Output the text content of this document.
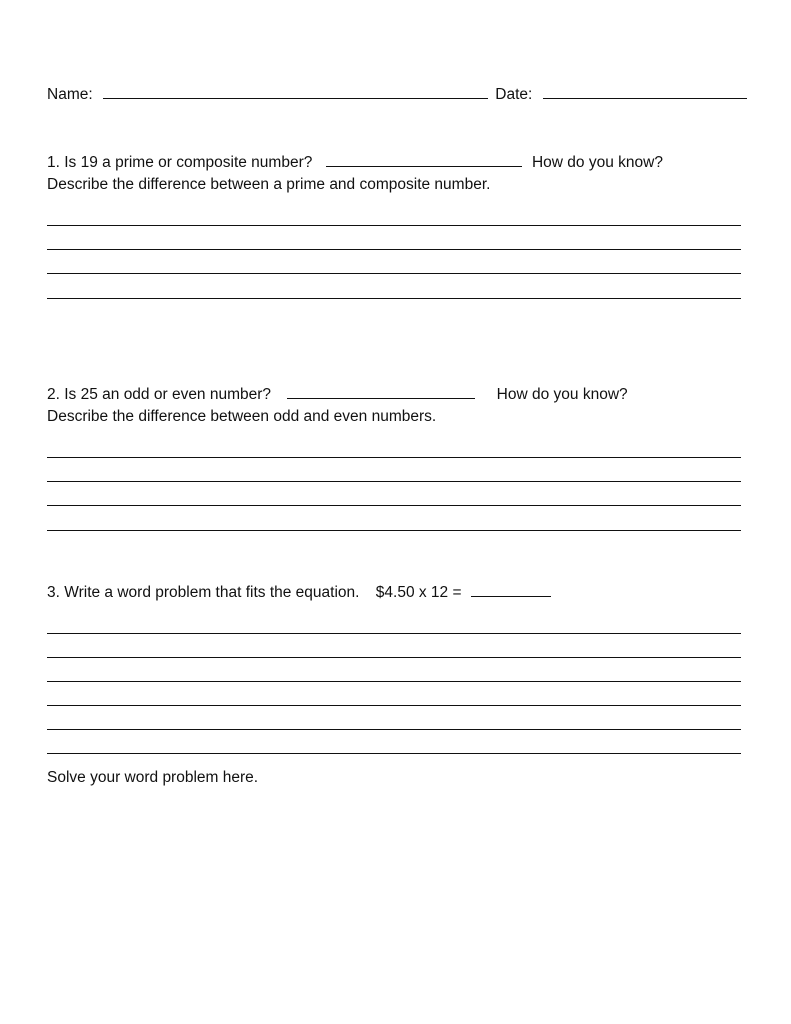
Name:	Date:
1. Is 19 a prime or composite number?	How do you know?
Describe the difference between a prime and composite number.
2. Is 25 an odd or even number?	How do you know?
Describe the difference between odd and even numbers.
3. Write a word problem that fits the equation. $4.50 x 12 =
Solve your word problem here.
